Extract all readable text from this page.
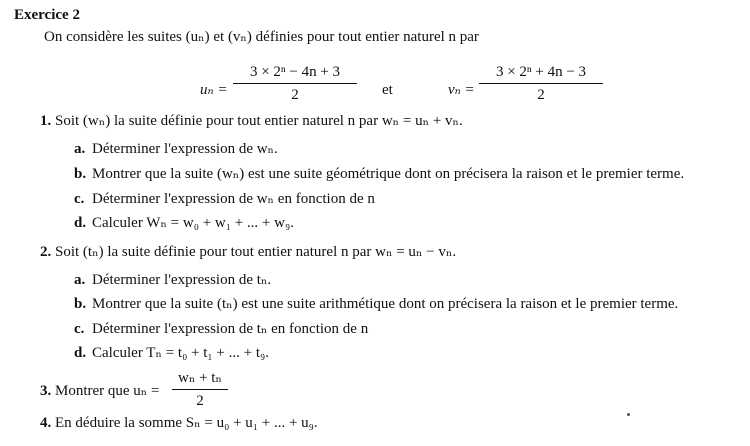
Exercice 2
On considère les suites (uₙ) et (vₙ) définies pour tout entier naturel n par
$u_n = \frac{\text{3 × 2ⁿ − 4n + 3}}{2}$ et	$v_n = \frac{\text{3 × 2ⁿ + 4n − 3}}{2}$
1. Soit (wₙ) la suite définie pour tout entier naturel n par wₙ = uₙ + vₙ.
a. Déterminer l'expression de wₙ.
b. Montrer que la suite (wₙ) est une suite géométrique dont on précisera la raison et le premier terme.
c. Déterminer l'expression de wₙ en fonction de n
d. Calculer Wₙ = w₀ + w₁ + ... + w₉.
2. Soit (tₙ) la suite définie pour tout entier naturel n par wₙ = uₙ − vₙ.
a. Déterminer l'expression de tₙ.
b. Montrer que la suite (tₙ) est une suite arithmétique dont on précisera la raison et le premier terme.
c. Déterminer l'expression de tₙ en fonction de n
d. Calculer Tₙ = t₀ + t₁ + ... + t₉.
3. Montrer que $u_n = \frac{\text{wₙ + tₙ}}{2}$
4. En déduire la somme Sₙ = u₀ + u₁ + ... + u₉.
